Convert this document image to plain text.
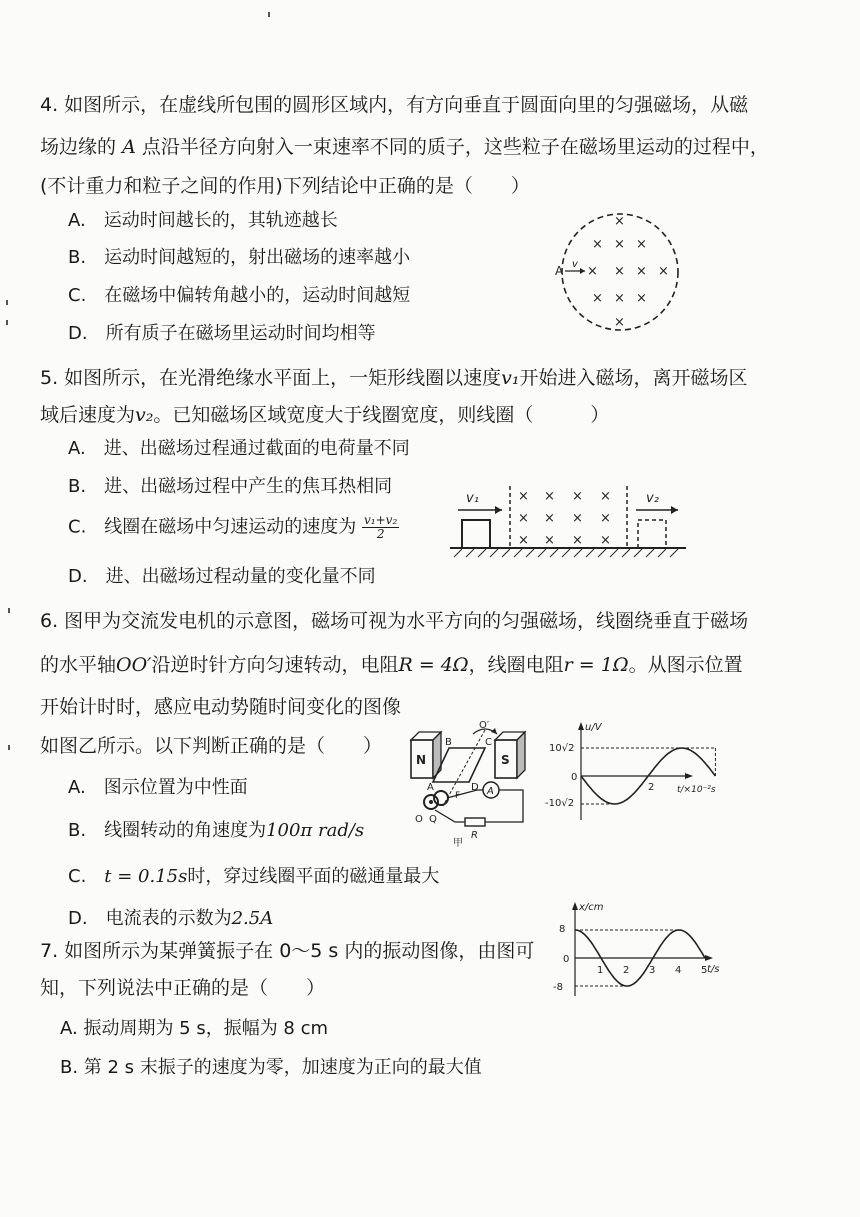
4. 如图所示，在虚线所包围的圆形区域内，有方向垂直于圆面向里的匀强磁场，从磁
场边缘的 A 点沿半径方向射入一束速率不同的质子，这些粒子在磁场里运动的过程中，
(不计重力和粒子之间的作用)下列结论中正确的是（　　）
A.　运动时间越长的，其轨迹越长
B.　运动时间越短的，射出磁场的速率越小
C.　在磁场中偏转角越小的，运动时间越短
D.　所有质子在磁场里运动时间均相等
×
× × ×
× × × ×
× × ×
×
A v
5. 如图所示，在光滑绝缘水平面上，一矩形线圈以速度v₁开始进入磁场，离开磁场区
域后速度为v₂。已知磁场区域宽度大于线圈宽度，则线圈（　　　）
A.　进、出磁场过程通过截面的电荷量不同
B.　进、出磁场过程中产生的焦耳热相同
C.　线圈在磁场中匀速运动的速度为 $\frac{\text{v₁+v₂}}{2}$
D.　进、出磁场过程动量的变化量不同
v₁	× × × ×
× × × ×
× × × ×
v₂
6. 图甲为交流发电机的示意图，磁场可视为水平方向的匀强磁场，线圈绕垂直于磁场
的水平轴OO′沿逆时针方向匀速转动，电阻R = 4Ω，线圈电阻r = 1Ω。从图示位置
开始计时时，感应电动势随时间变化的图像
如图乙所示。以下判断正确的是（　　）
A.　图示位置为中性面
B.　线圈转动的角速度为100π rad/s
C.　t = 0.15s时，穿过线圈平面的磁通量最大
D.　电流表的示数为2.5A
N	S
O′
B	C
A	D
F
O Q
A
R
甲
u/V
t/×10⁻²s
10√2
0
-10√2
2
7. 如图所示为某弹簧振子在 0～5 s 内的振动图像，由图可
知，下列说法中正确的是（　　）
A. 振动周期为 5 s，振幅为 8 cm
B. 第 2 s 末振子的速度为零，加速度为正向的最大值
x/cm
t/s
8
0
-8
1 2 3 4 5
